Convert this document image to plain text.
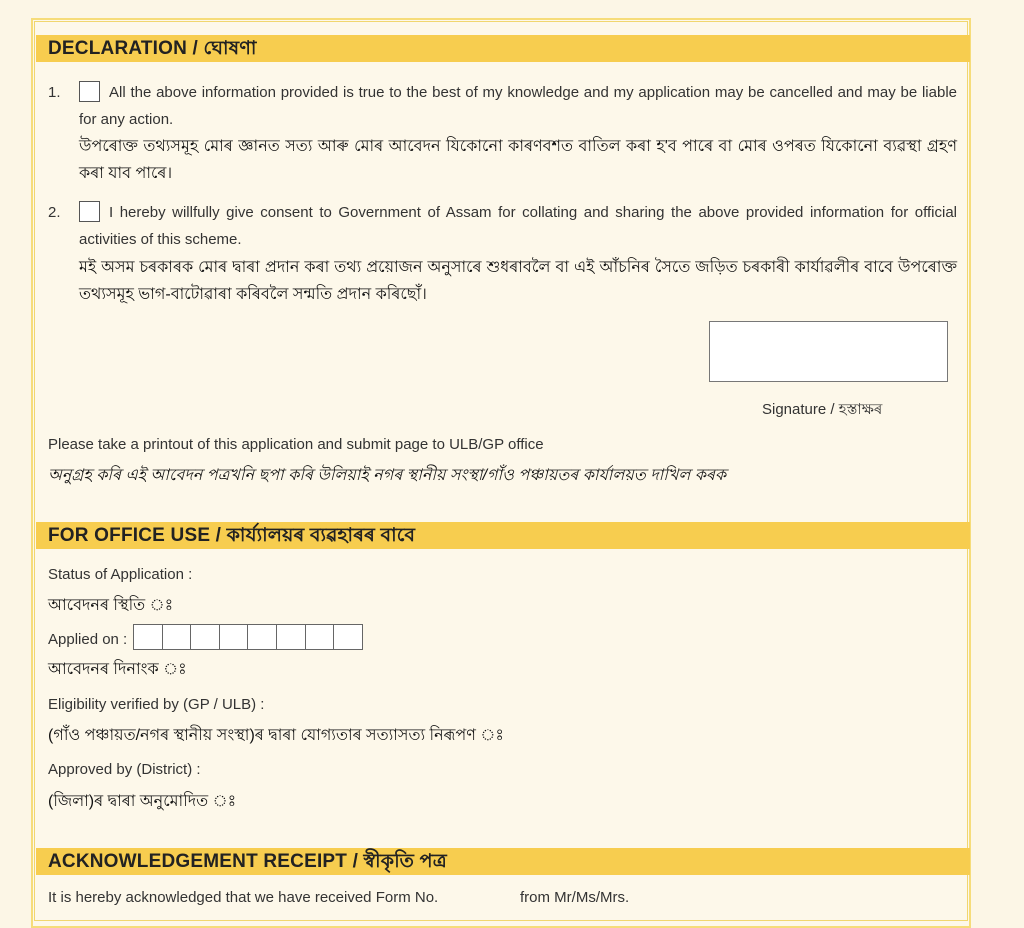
DECLARATION / ঘোষণা
1.	All the above information provided is true to the best of my knowledge and my application may be cancelled and may be liable for any action.
উপৰোক্ত তথ্যসমূহ মোৰ জ্ঞানত সত্য আৰু মোৰ আবেদন যিকোনো কাৰণবশত বাতিল কৰা হ'ব পাৰে বা মোৰ ওপৰত যিকোনো ব্যৱস্থা গ্ৰহণ কৰা যাব পাৰে।
2.	I hereby willfully give consent to Government of Assam for collating and sharing the above provided information for official activities of this scheme.
মই অসম চৰকাৰক মোৰ দ্বাৰা প্ৰদান কৰা তথ্য প্ৰয়োজন অনুসাৰে শুধৰাবলৈ বা এই আঁচনিৰ সৈতে জড়িত চৰকাৰী কাৰ্যাৱলীৰ বাবে উপৰোক্ত তথ্যসমূহ ভাগ-বাটোৱাৰা কৰিবলৈ সন্মতি প্ৰদান কৰিছোঁ।
Signature / হস্তাক্ষৰ
Please take a printout of this application and submit page to ULB/GP office
অনুগ্ৰহ কৰি এই আবেদন পত্ৰখনি ছপা কৰি উলিয়াই নগৰ স্থানীয় সংস্থা/গাঁও পঞ্চায়তৰ কাৰ্যালয়ত দাখিল কৰক
FOR OFFICE USE / কাৰ্য্যালয়ৰ ব্যৱহাৰৰ বাবে
Status of Application :
আবেদনৰ স্থিতি ঃ
Applied on :
আবেদনৰ দিনাংক ঃ
Eligibility verified by (GP / ULB) :
(গাঁও পঞ্চায়ত/নগৰ স্থানীয় সংস্থা)ৰ দ্বাৰা যোগ্যতাৰ সত্যাসত্য নিৰূপণ ঃ
Approved by (District) :
(জিলা)ৰ দ্বাৰা অনুমোদিত ঃ
ACKNOWLEDGEMENT RECEIPT / স্বীকৃতি পত্ৰ
It is hereby acknowledged that we have received Form No.	from Mr/Ms/Mrs.
